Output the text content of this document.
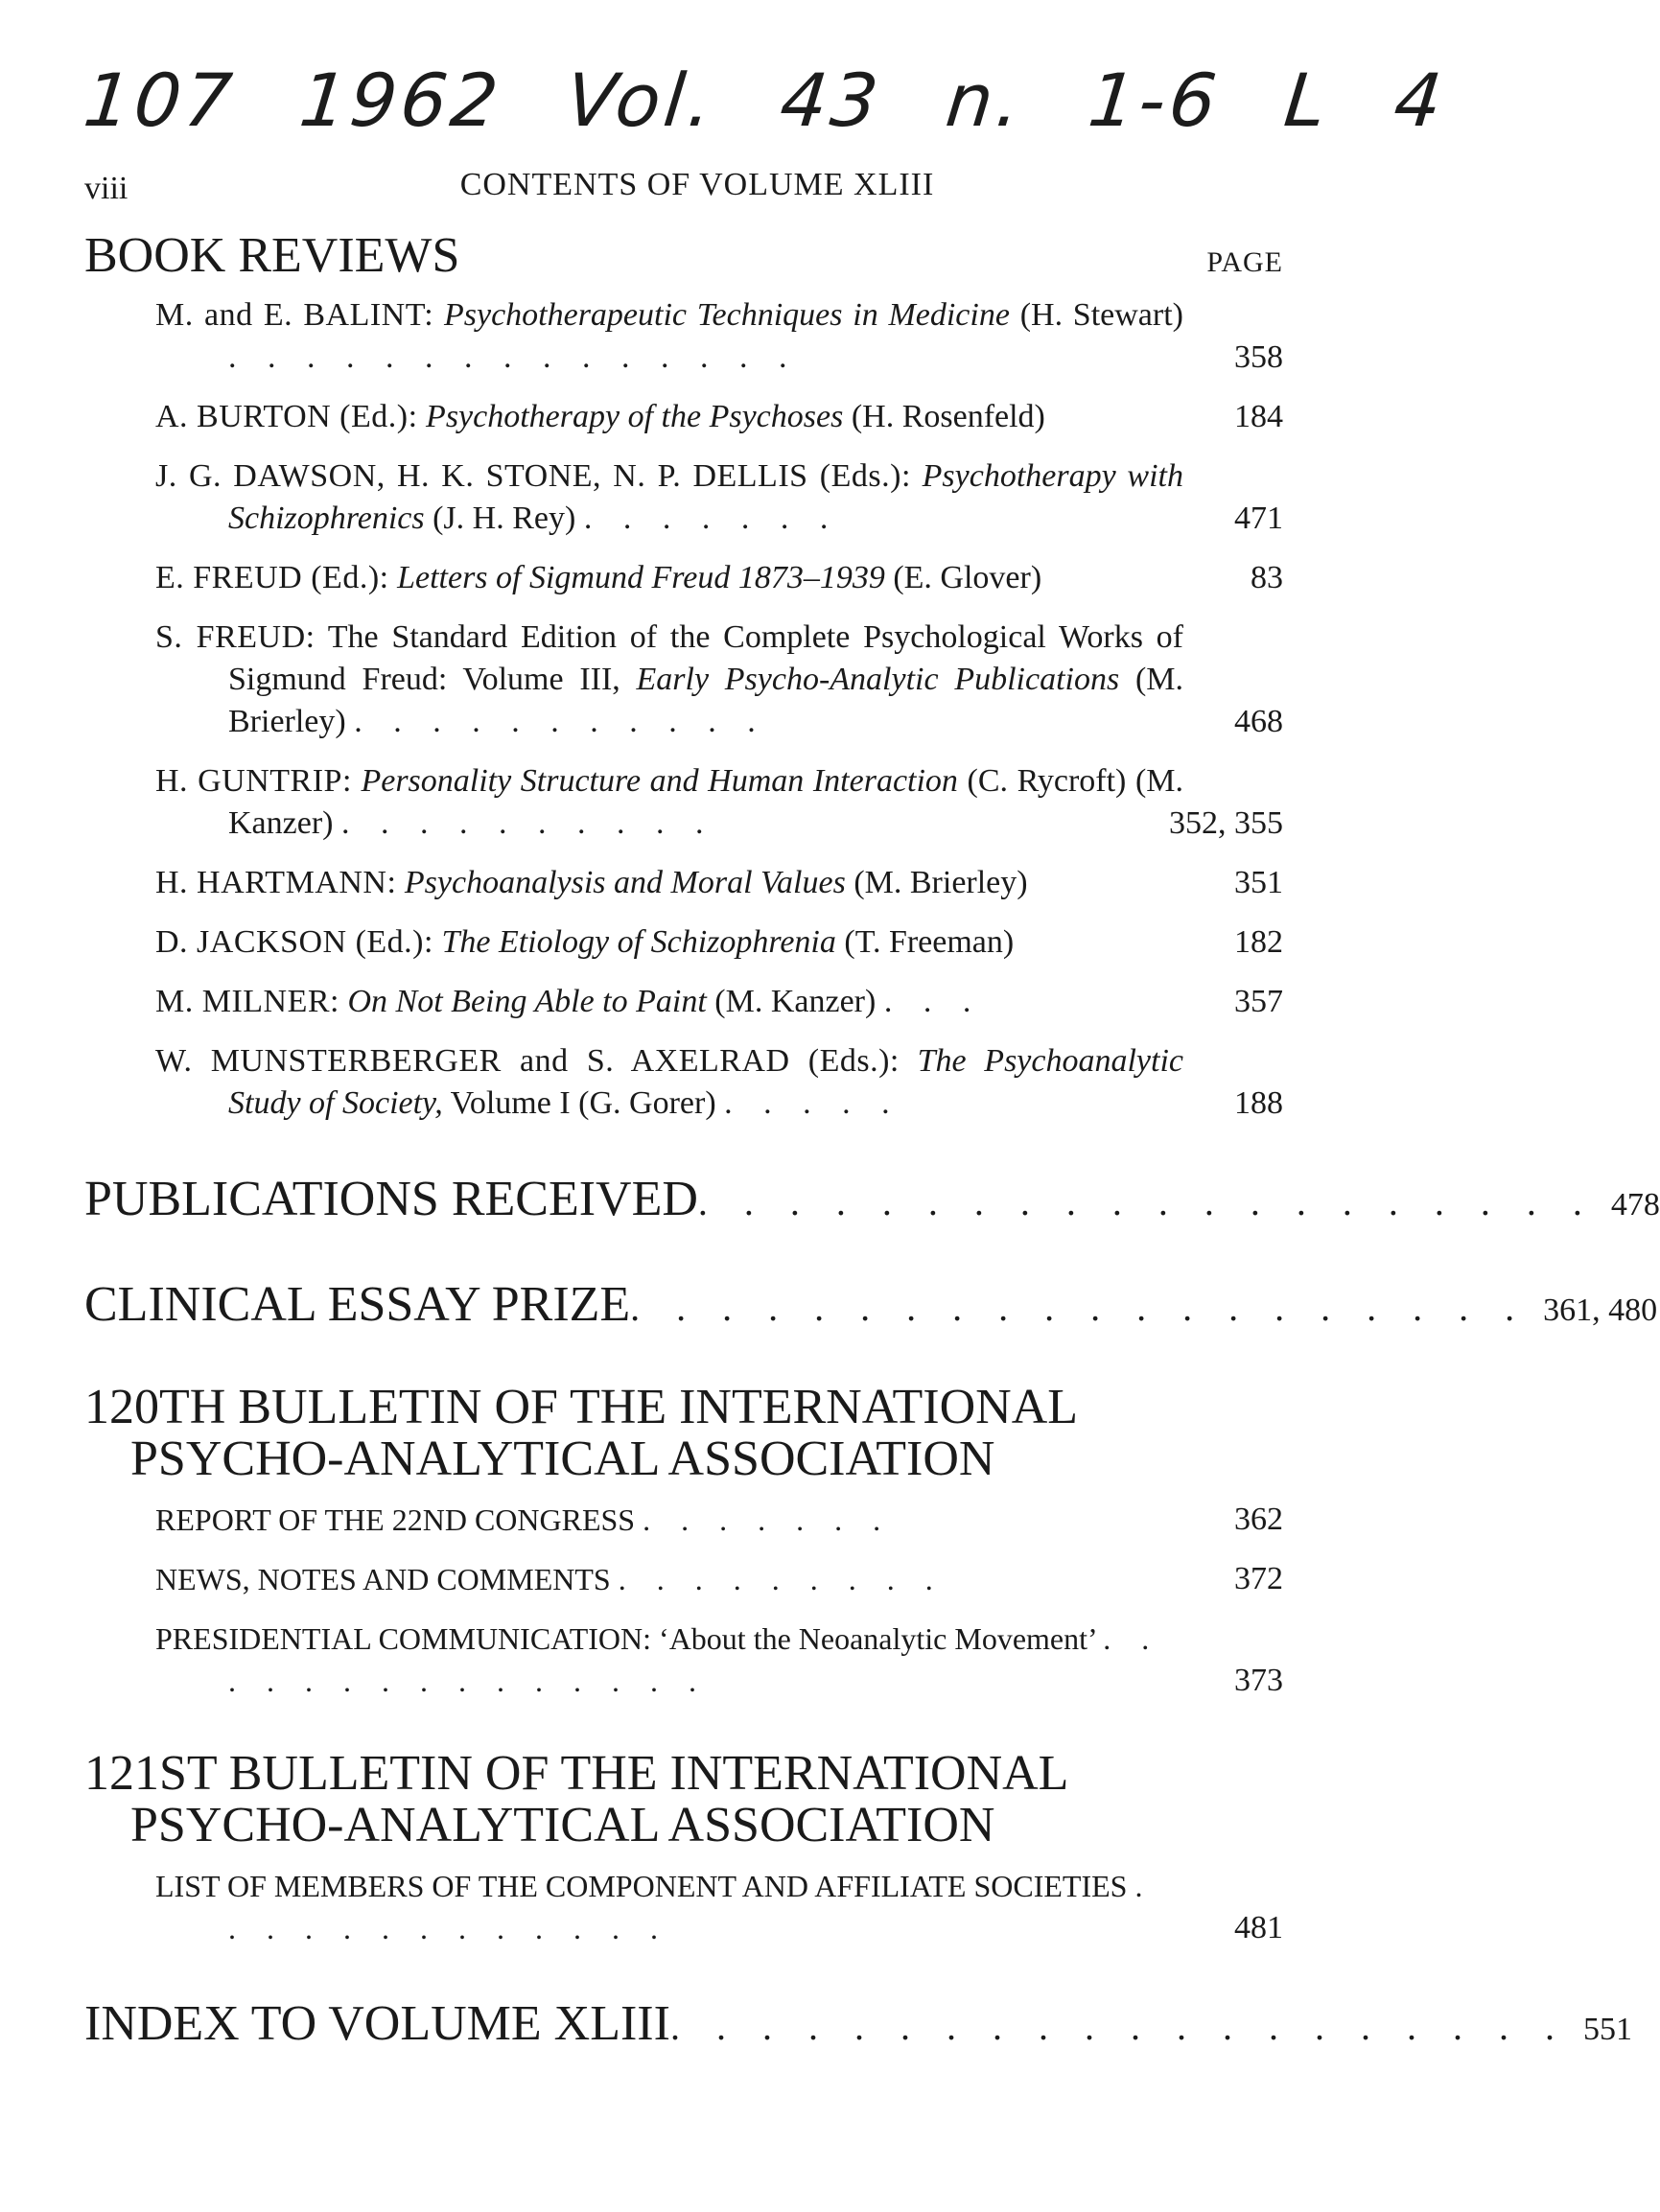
107 1962 Vol. 43 n. 1-6 L 4
viii	CONTENTS OF VOLUME XLIII
BOOK REVIEWS	PAGE
M. and E. BALINT: Psychotherapeutic Techniques in Medicine (H. Stewart) . . . . . . . . . . . . . . .	358
A. BURTON (Ed.): Psychotherapy of the Psychoses (H. Rosenfeld)	184
J. G. DAWSON, H. K. STONE, N. P. DELLIS (Eds.): Psychotherapy with Schizophrenics (J. H. Rey) . . . . . . .	471
E. FREUD (Ed.): Letters of Sigmund Freud 1873–1939 (E. Glover)	83
S. FREUD: The Standard Edition of the Complete Psychological Works of Sigmund Freud: Volume III, Early Psycho-Analytic Publications (M. Brierley) . . . . . . . . . . .	468
H. GUNTRIP: Personality Structure and Human Interaction (C. Rycroft) (M. Kanzer) . . . . . . . . . .	352, 355
H. HARTMANN: Psychoanalysis and Moral Values (M. Brierley)	351
D. JACKSON (Ed.): The Etiology of Schizophrenia (T. Freeman)	182
M. MILNER: On Not Being Able to Paint (M. Kanzer) . . .	357
W. MUNSTERBERGER and S. AXELRAD (Eds.): The Psychoanalytic Study of Society, Volume I (G. Gorer) . . . . .	188
PUBLICATIONS RECEIVED . . . . . . . . . . . . . . . . . . . . 478
CLINICAL ESSAY PRIZE . . . . . . . . . . . . . . . . . . . . 361, 480
120TH BULLETIN OF THE INTERNATIONAL
PSYCHO-ANALYTICAL ASSOCIATION
REPORT OF THE 22ND CONGRESS . . . . . . .	362
NEWS, NOTES AND COMMENTS . . . . . . . . .	372
PRESIDENTIAL COMMUNICATION: ‘About the Neoanalytic Movement’ . . . . . . . . . . . . . . .	373
121ST BULLETIN OF THE INTERNATIONAL
PSYCHO-ANALYTICAL ASSOCIATION
LIST OF MEMBERS OF THE COMPONENT AND AFFILIATE SOCIETIES . . . . . . . . . . . . .	481
INDEX TO VOLUME XLIII . . . . . . . . . . . . . . . . . . . . 551
